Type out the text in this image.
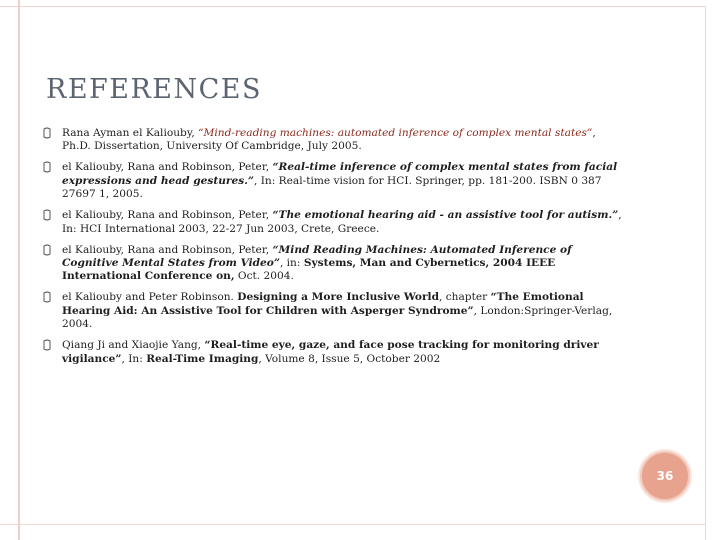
REFERENCES
Rana Ayman el Kaliouby, “Mind-reading machines: automated inference of complex mental states”, Ph.D. Dissertation, University Of Cambridge, July 2005.
el Kaliouby, Rana and Robinson, Peter, “Real-time inference of complex mental states from facial expressions and head gestures.”, In: Real-time vision for HCI. Springer, pp. 181-200. ISBN 0 387 27697 1, 2005.
el Kaliouby, Rana and Robinson, Peter, “The emotional hearing aid - an assistive tool for autism.”, In: HCI International 2003, 22-27 Jun 2003, Crete, Greece.
el Kaliouby, Rana and Robinson, Peter, “Mind Reading Machines: Automated Inference of Cognitive Mental States from Video”, in: Systems, Man and Cybernetics, 2004 IEEE International Conference on, Oct. 2004.
el Kaliouby and Peter Robinson. Designing a More Inclusive World, chapter “The Emotional Hearing Aid: An Assistive Tool for Children with Asperger Syndrome”, London:Springer-Verlag, 2004.
Qiang Ji and Xiaojie Yang, “Real-time eye, gaze, and face pose tracking for monitoring driver vigilance”, In: Real-Time Imaging, Volume 8, Issue 5, October 2002
36
